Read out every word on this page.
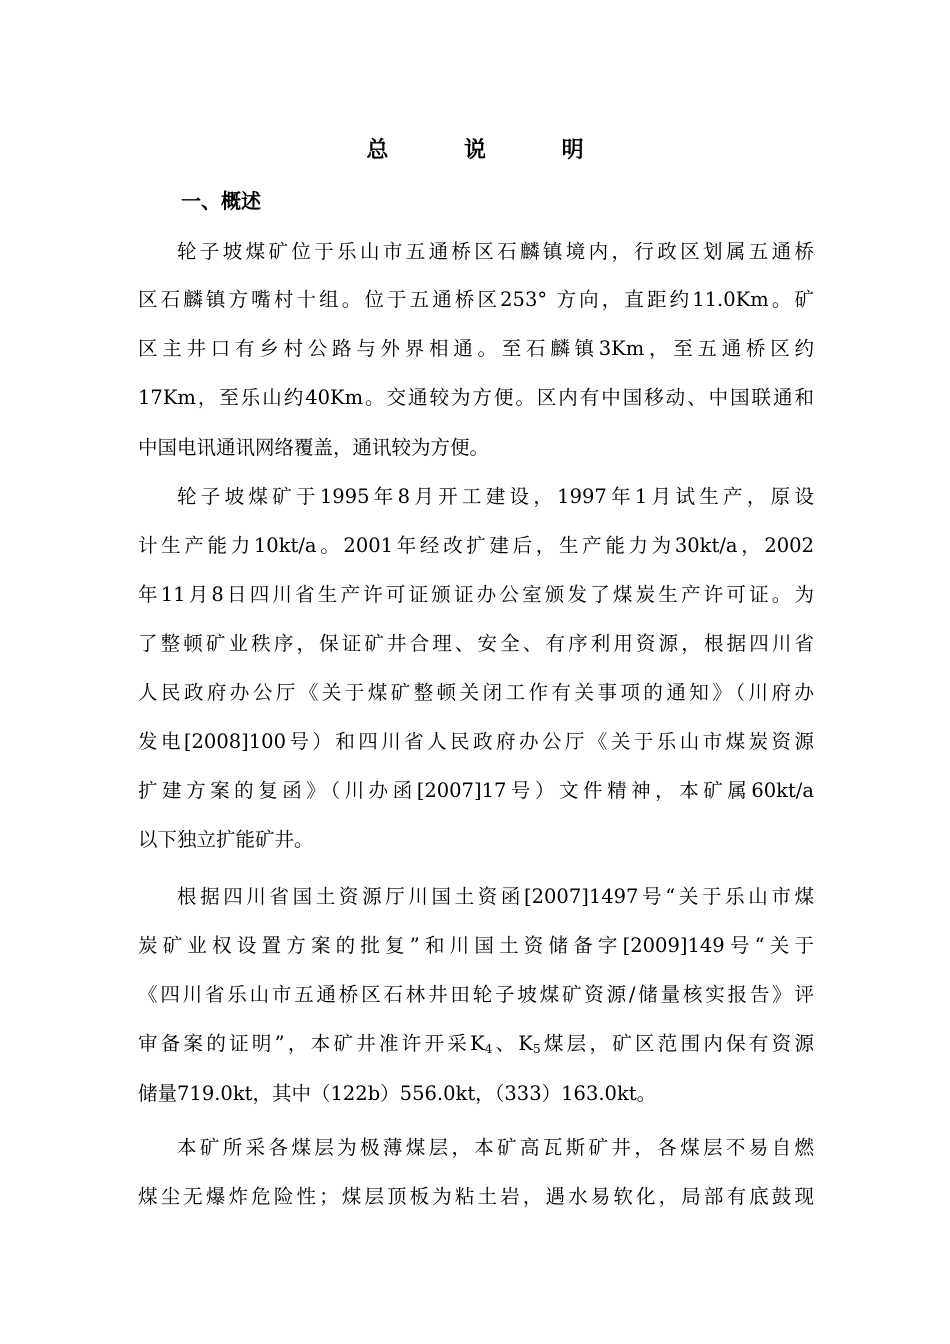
总 说 明
一、概述
轮子坡煤矿位于乐山市五通桥区石麟镇境内，行政区划属五通桥
区石麟镇方嘴村十组。位于五通桥区253° 方向，直距约11.0Km。矿
区主井口有乡村公路与外界相通。至石麟镇3Km，至五通桥区约
17Km，至乐山约40Km。交通较为方便。区内有中国移动、中国联通和
中国电讯通讯网络覆盖，通讯较为方便。
轮子坡煤矿于1995年8月开工建设，1997年1月试生产，原设
计生产能力10kt/a。2001年经改扩建后，生产能力为30kt/a，2002
年11月8日四川省生产许可证颁证办公室颁发了煤炭生产许可证。为
了整顿矿业秩序，保证矿井合理、安全、有序利用资源，根据四川省
人民政府办公厅《关于煤矿整顿关闭工作有关事项的通知》（川府办
发电[2008]100号）和四川省人民政府办公厅《关于乐山市煤炭资源
扩建方案的复函》（川办函[2007]17号）文件精神，本矿属60kt/a
以下独立扩能矿井。
根据四川省国土资源厅川国土资函[2007]1497号“关于乐山市煤
炭矿业权设置方案的批复”和川国土资储备字[2009]149号“关于
《四川省乐山市五通桥区石林井田轮子坡煤矿资源/储量核实报告》评
审备案的证明”，本矿井准许开采$K_4$、$K_5$煤层，矿区范围内保有资源
储量719.0kt，其中（122b）556.0kt，（333）163.0kt。
本矿所采各煤层为极薄煤层，本矿高瓦斯矿井，各煤层不易自燃
煤尘无爆炸危险性；煤层顶板为粘土岩，遇水易软化，局部有底鼓现
